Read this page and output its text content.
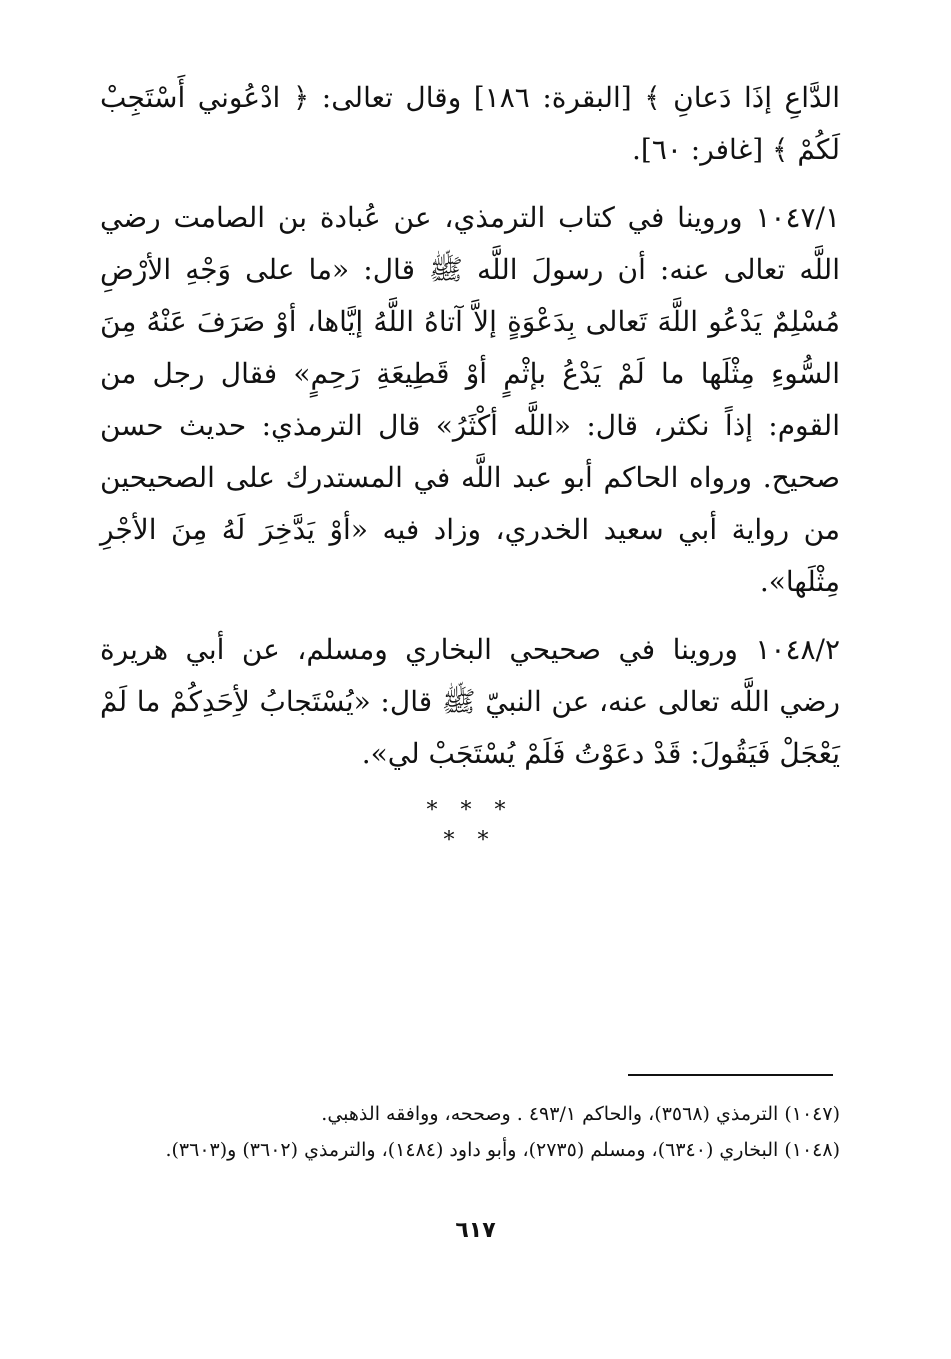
الدَّاعِ إذَا دَعانِ ﴾ [البقرة: ١٨٦] وقال تعالى: ﴿ ادْعُوني أَسْتَجِبْ لَكُمْ ﴾ [غافر: ٦٠].

١٠٤٧/١ وروينا في كتاب الترمذي، عن عُبادة بن الصامت رضي اللَّه تعالى عنه: أن رسولَ اللَّه ﷺ قال: «ما على وَجْهِ الأرْضِ مُسْلِمٌ يَدْعُو اللَّهَ تَعالى بِدَعْوَةٍ إلاَّ آتاهُ اللَّهُ إيَّاها، أوْ صَرَفَ عَنْهُ مِنَ السُّوءِ مِثْلَها ما لَمْ يَدْعُ بإثْمٍ أوْ قَطِيعَةِ رَحِمٍ» فقال رجل من القوم: إذاً نكثر، قال: «اللَّه أكْثَرُ» قال الترمذي: حديث حسن صحيح. ورواه الحاكم أبو عبد اللَّه في المستدرك على الصحيحين من رواية أبي سعيد الخدري، وزاد فيه «أوْ يَدَّخِرَ لَهُ مِنَ الأجْرِ مِثْلَها».

١٠٤٨/٢ وروينا في صحيحي البخاري ومسلم، عن أبي هريرة رضي اللَّه تعالى عنه، عن النبيّ ﷺ قال: «يُسْتَجابُ لأِحَدِكُمْ ما لَمْ يَعْجَلْ فَيَقُولَ: قَدْ دعَوْتُ فَلَمْ يُسْتَجَبْ لي».

* * *
* *

(١٠٤٧) الترمذي (٣٥٦٨)، والحاكم ٤٩٣/١ . وصححه، ووافقه الذهبي.

(١٠٤٨) البخاري (٦٣٤٠)، ومسلم (٢٧٣٥)، وأبو داود (١٤٨٤)، والترمذي (٣٦٠٢) و(٣٦٠٣).

٦١٧
